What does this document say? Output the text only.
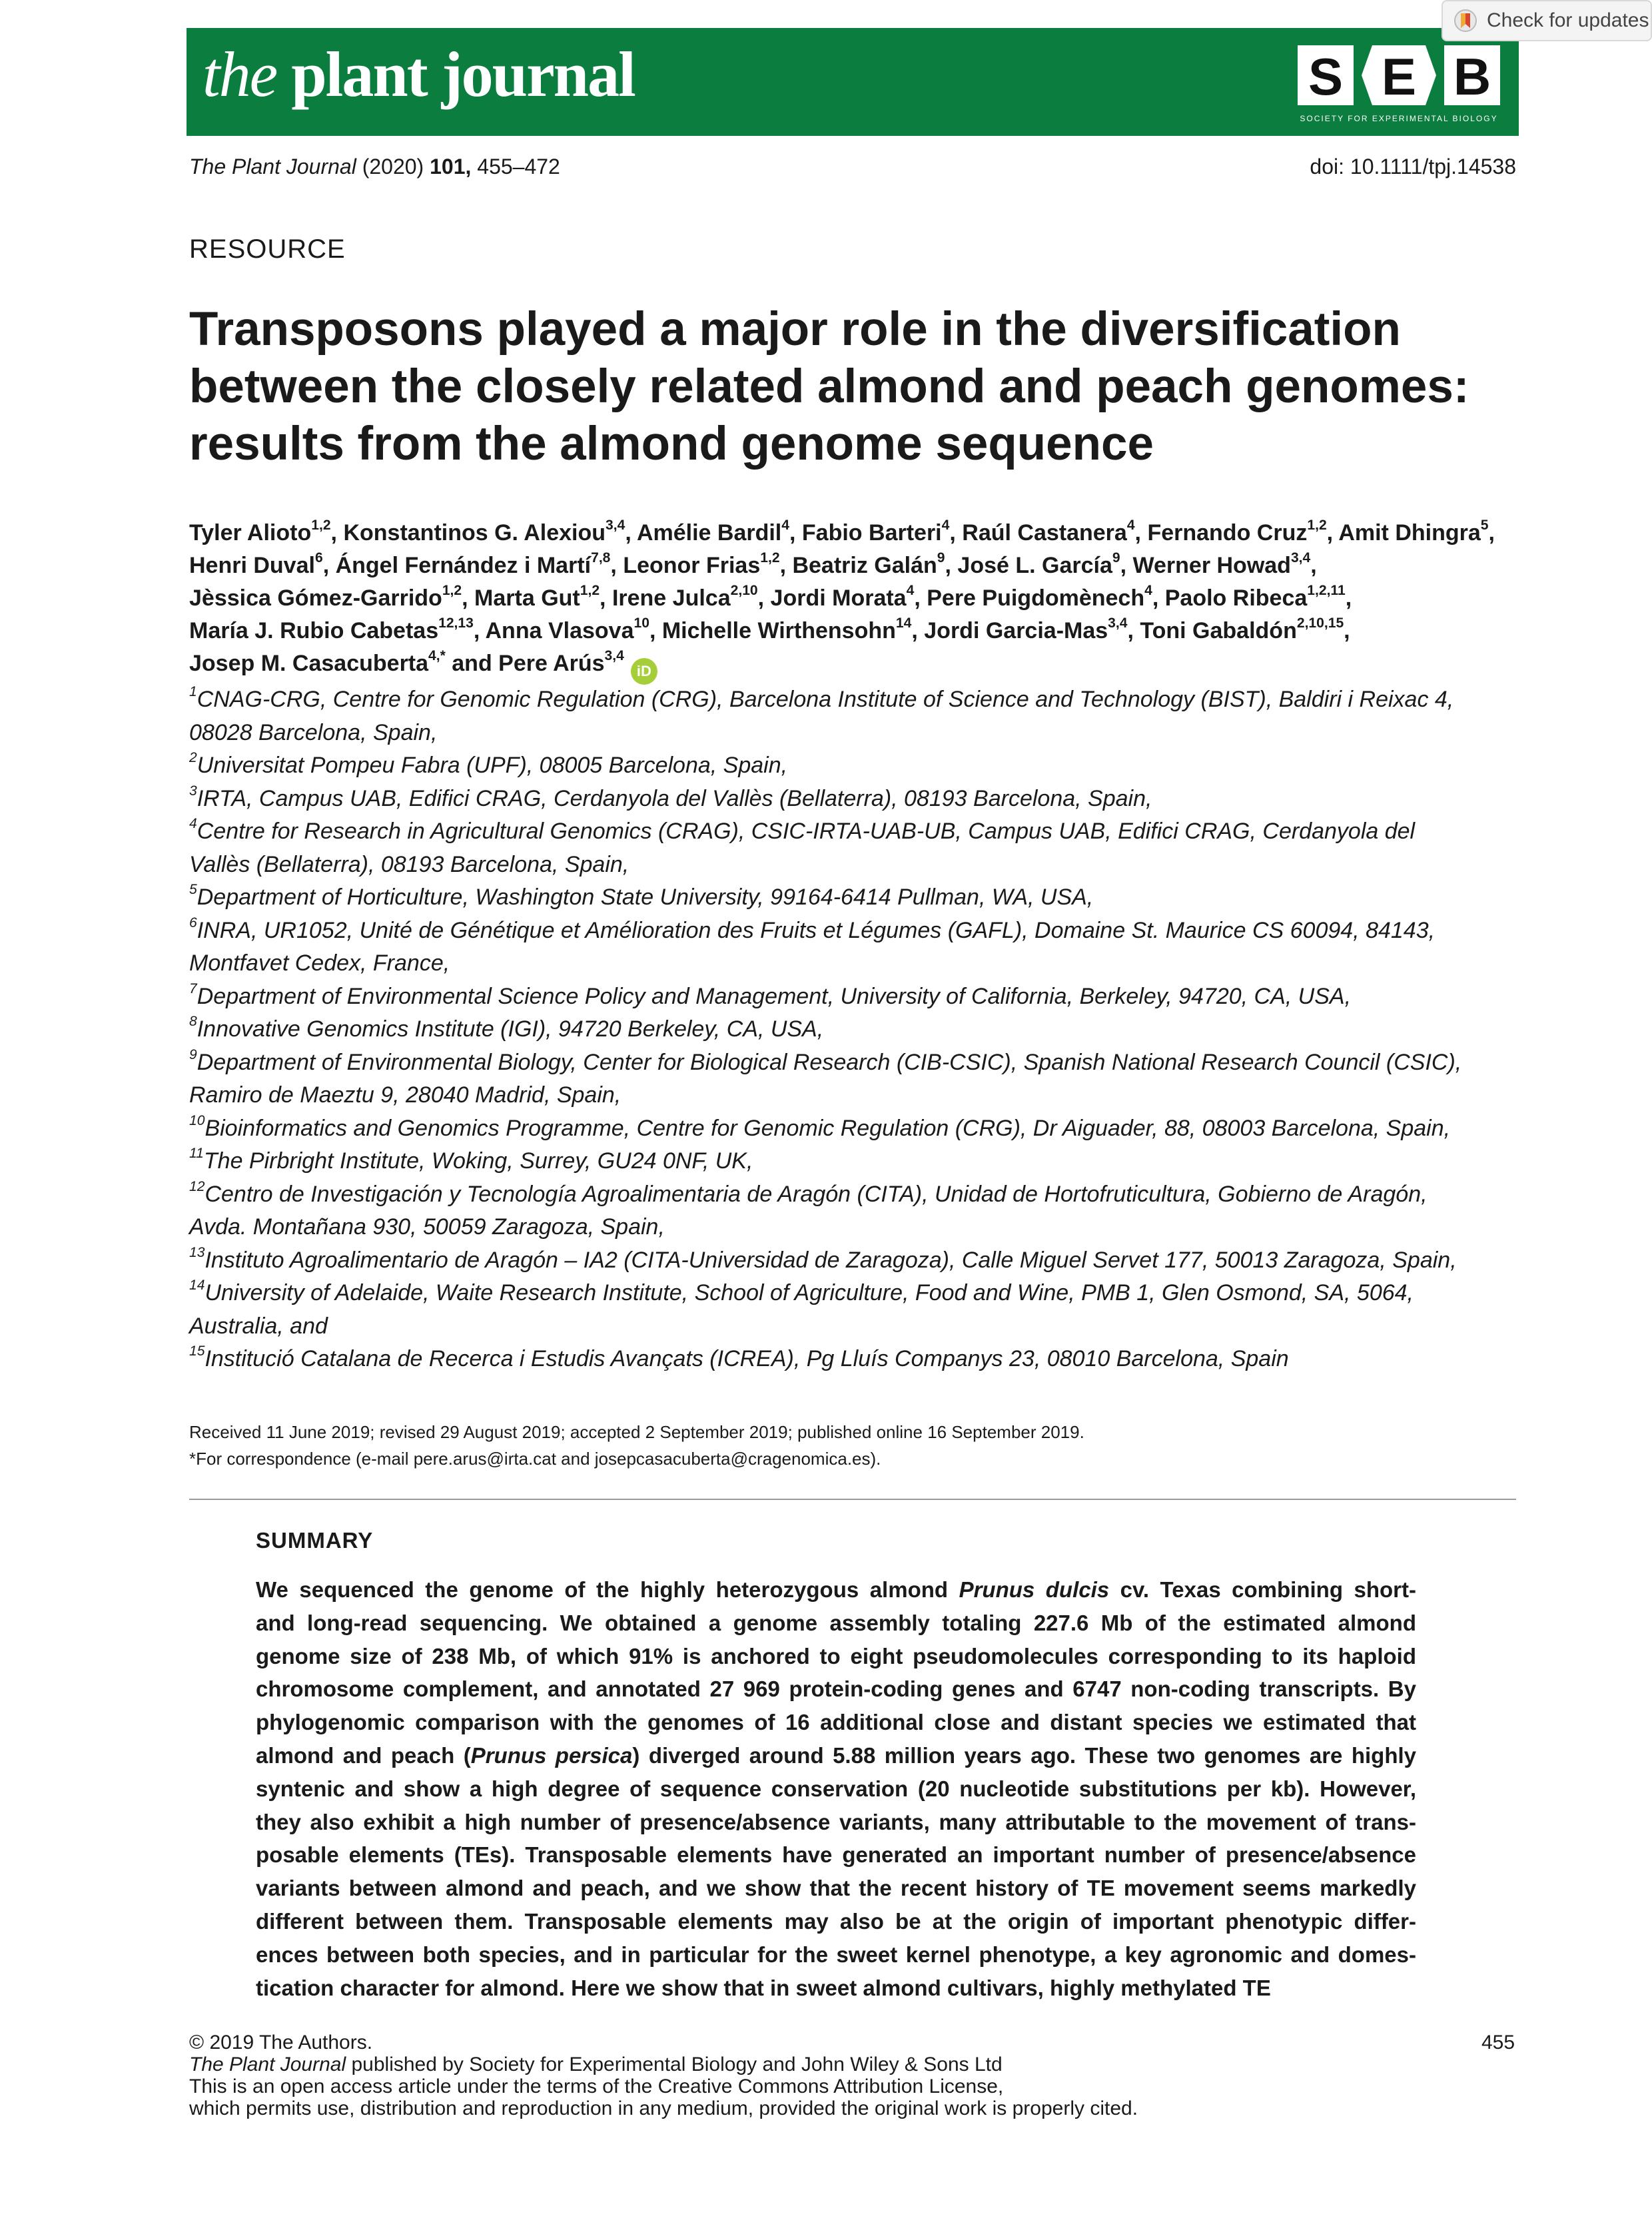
the plant journal	S E B
SOCIETY FOR EXPERIMENTAL BIOLOGY
Check for updates
The Plant Journal (2020) 101, 455–472	doi: 10.1111/tpj.14538
RESOURCE
Transposons played a major role in the diversification
between the closely related almond and peach genomes:
results from the almond genome sequence
Tyler Alioto$^{1,2}$, Konstantinos G. Alexiou$^{3,4}$, Amélie Bardil$^4$, Fabio Barteri$^4$, Raúl Castanera$^4$, Fernando Cruz$^{1,2}$, Amit Dhingra$^5$,
Henri Duval$^6$, Ángel Fernández i Martí$^{7,8}$, Leonor Frias$^{1,2}$, Beatriz Galán$^9$, José L. García$^9$, Werner Howad$^{3,4}$,
Jèssica Gómez-Garrido$^{1,2}$, Marta Gut$^{1,2}$, Irene Julca$^{2,10}$, Jordi Morata$^4$, Pere Puigdomènech$^4$, Paolo Ribeca$^{1,2,11}$,
María J. Rubio Cabetas$^{12,13}$, Anna Vlasova$^{10}$, Michelle Wirthensohn$^{14}$, Jordi Garcia-Mas$^{3,4}$, Toni Gabaldón$^{2,10,15}$,
Josep M. Casacuberta$^{4,*}$ and Pere Arús$^{3,4}$iD
$^1$CNAG-CRG, Centre for Genomic Regulation (CRG), Barcelona Institute of Science and Technology (BIST), Baldiri i Reixac 4,
08028 Barcelona, Spain,
$^2$Universitat Pompeu Fabra (UPF), 08005 Barcelona, Spain,
$^3$IRTA, Campus UAB, Edifici CRAG, Cerdanyola del Vallès (Bellaterra), 08193 Barcelona, Spain,
$^4$Centre for Research in Agricultural Genomics (CRAG), CSIC-IRTA-UAB-UB, Campus UAB, Edifici CRAG, Cerdanyola del
Vallès (Bellaterra), 08193 Barcelona, Spain,
$^5$Department of Horticulture, Washington State University, 99164-6414 Pullman, WA, USA,
$^6$INRA, UR1052, Unité de Génétique et Amélioration des Fruits et Légumes (GAFL), Domaine St. Maurice CS 60094, 84143,
Montfavet Cedex, France,
$^7$Department of Environmental Science Policy and Management, University of California, Berkeley, 94720, CA, USA,
$^8$Innovative Genomics Institute (IGI), 94720 Berkeley, CA, USA,
$^9$Department of Environmental Biology, Center for Biological Research (CIB-CSIC), Spanish National Research Council (CSIC),
Ramiro de Maeztu 9, 28040 Madrid, Spain,
$^{10}$Bioinformatics and Genomics Programme, Centre for Genomic Regulation (CRG), Dr Aiguader, 88, 08003 Barcelona, Spain,
$^{11}$The Pirbright Institute, Woking, Surrey, GU24 0NF, UK,
$^{12}$Centro de Investigación y Tecnología Agroalimentaria de Aragón (CITA), Unidad de Hortofruticultura, Gobierno de Aragón,
Avda. Montañana 930, 50059 Zaragoza, Spain,
$^{13}$Instituto Agroalimentario de Aragón – IA2 (CITA-Universidad de Zaragoza), Calle Miguel Servet 177, 50013 Zaragoza, Spain,
$^{14}$University of Adelaide, Waite Research Institute, School of Agriculture, Food and Wine, PMB 1, Glen Osmond, SA, 5064,
Australia, and
$^{15}$Institució Catalana de Recerca i Estudis Avançats (ICREA), Pg Lluís Companys 23, 08010 Barcelona, Spain
Received 11 June 2019; revised 29 August 2019; accepted 2 September 2019; published online 16 September 2019.
*For correspondence (e-mail pere.arus@irta.cat and josepcasacuberta@cragenomica.es).
SUMMARY
We sequenced the genome of the highly heterozygous almond Prunus dulcis cv. Texas combining short-
and long-read sequencing. We obtained a genome assembly totaling 227.6 Mb of the estimated almond
genome size of 238 Mb, of which 91% is anchored to eight pseudomolecules corresponding to its haploid
chromosome complement, and annotated 27 969 protein-coding genes and 6747 non-coding transcripts. By
phylogenomic comparison with the genomes of 16 additional close and distant species we estimated that
almond and peach (Prunus persica) diverged around 5.88 million years ago. These two genomes are highly
syntenic and show a high degree of sequence conservation (20 nucleotide substitutions per kb). However,
they also exhibit a high number of presence/absence variants, many attributable to the movement of trans-
posable elements (TEs). Transposable elements have generated an important number of presence/absence
variants between almond and peach, and we show that the recent history of TE movement seems markedly
different between them. Transposable elements may also be at the origin of important phenotypic differ-
ences between both species, and in particular for the sweet kernel phenotype, a key agronomic and domes-
tication character for almond. Here we show that in sweet almond cultivars, highly methylated TE
© 2019 The Authors.
The Plant Journal published by Society for Experimental Biology and John Wiley & Sons Ltd
This is an open access article under the terms of the Creative Commons Attribution License,
which permits use, distribution and reproduction in any medium, provided the original work is properly cited.
455
